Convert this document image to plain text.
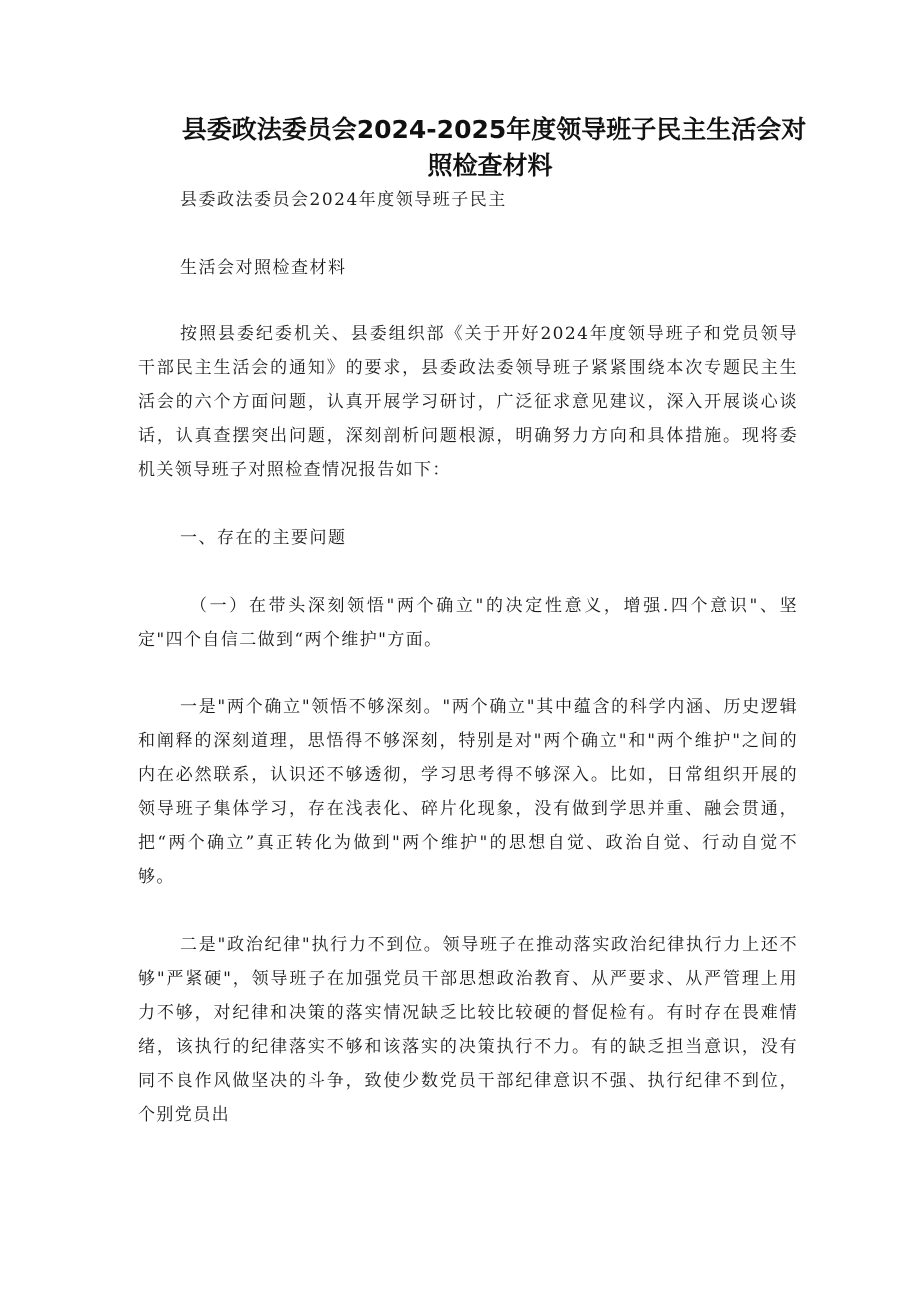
县委政法委员会2024-2025年度领导班子民主生活会对
照检查材料
县委政法委员会2024年度领导班子民主
生活会对照检查材料

按照县委纪委机关、县委组织部《关于开好2024年度领导班子和党员领导干部民主生活会的通知》的要求，县委政法委领导班子紧紧围绕本次专题民主生活会的六个方面问题，认真开展学习研讨，广泛征求意见建议，深入开展谈心谈话，认真查摆突出问题，深刻剖析问题根源，明确努力方向和具体措施。现将委机关领导班子对照检查情况报告如下：

一、存在的主要问题

（一）在带头深刻领悟"两个确立"的决定性意义，增强.四个意识"、坚定"四个自信二做到“两个维护"方面。

一是"两个确立"领悟不够深刻。"两个确立"其中蕴含的科学内涵、历史逻辑和阐释的深刻道理，思悟得不够深刻，特别是对"两个确立"和"两个维护"之间的内在必然联系，认识还不够透彻，学习思考得不够深入。比如，日常组织开展的领导班子集体学习，存在浅表化、碎片化现象，没有做到学思并重、融会贯通，把“两个确立”真正转化为做到"两个维护"的思想自觉、政治自觉、行动自觉不够。

二是"政治纪律"执行力不到位。领导班子在推动落实政治纪律执行力上还不够"严紧硬"，领导班子在加强党员干部思想政治教育、从严要求、从严管理上用力不够，对纪律和决策的落实情况缺乏比较比较硬的督促检有。有时存在畏难情绪，该执行的纪律落实不够和该落实的决策执行不力。有的缺乏担当意识，没有同不良作风做坚决的斗争，致使少数党员干部纪律意识不强、执行纪律不到位，个别党员出
